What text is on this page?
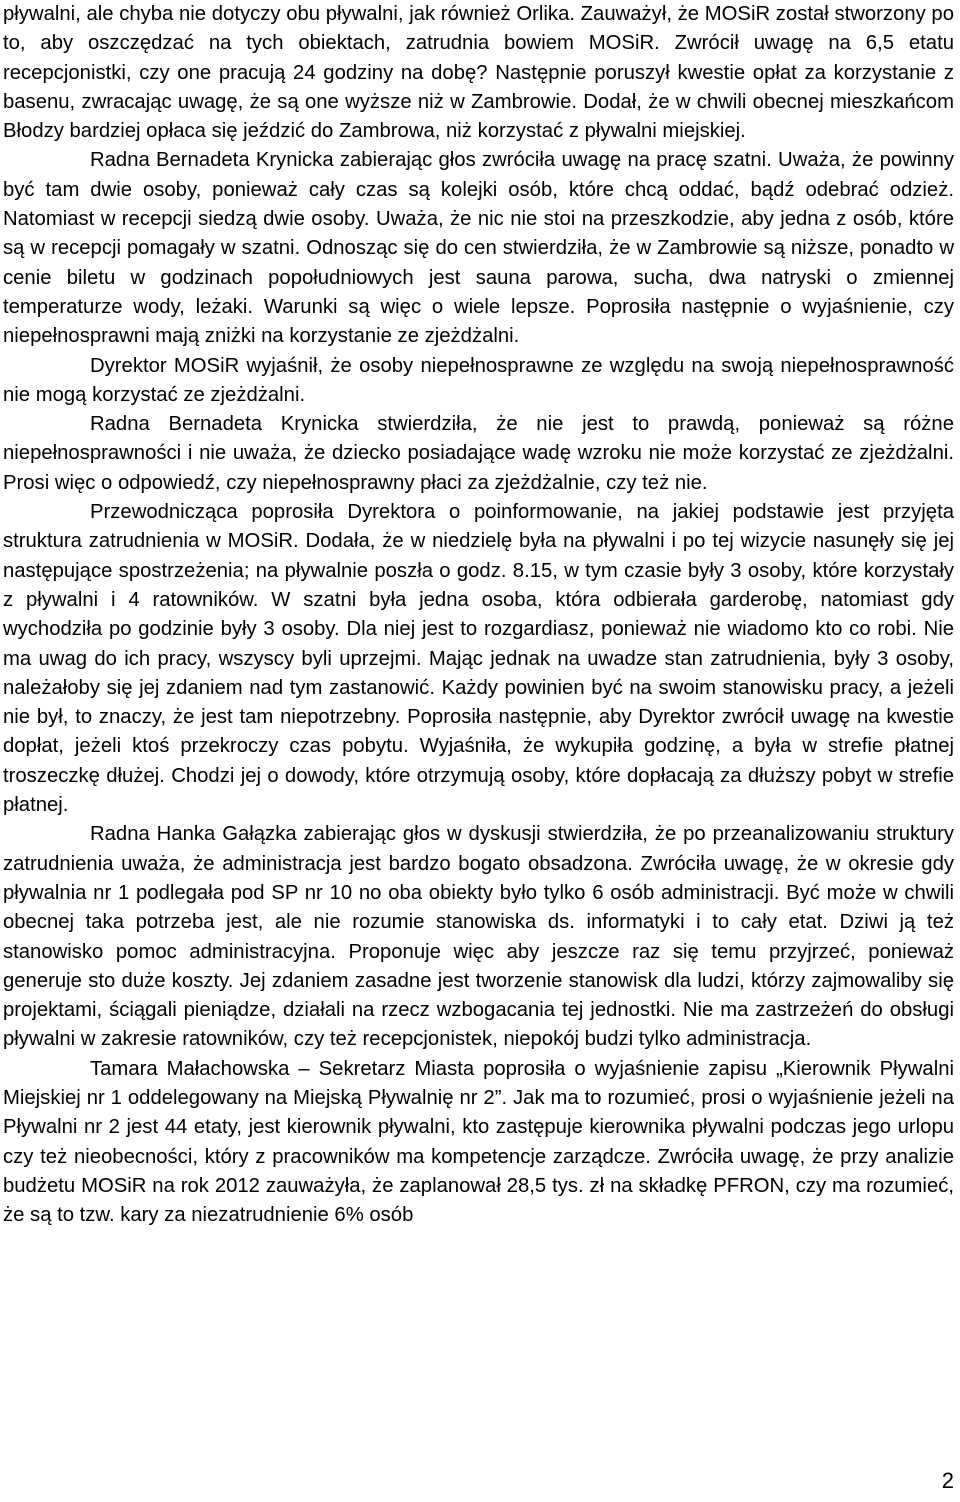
pływalni, ale chyba nie dotyczy obu pływalni, jak również Orlika. Zauważył, że MOSiR został stworzony po to, aby oszczędzać na tych obiektach, zatrudnia bowiem MOSiR. Zwrócił uwagę na 6,5 etatu recepcjonistki, czy one pracują 24 godziny na dobę? Następnie poruszył kwestie opłat za korzystanie z basenu, zwracając uwagę, że są one wyższe niż w Zambrowie. Dodał, że w chwili obecnej mieszkańcom Błodzy bardziej opłaca się jeździć do Zambrowa, niż korzystać z pływalni miejskiej.

Radna Bernadeta Krynicka zabierając głos zwróciła uwagę na pracę szatni. Uważa, że powinny być tam dwie osoby, ponieważ cały czas są kolejki osób, które chcą oddać, bądź odebrać odzież. Natomiast w recepcji siedzą dwie osoby. Uważa, że nic nie stoi na przeszkodzie, aby jedna z osób, które są w recepcji pomagały w szatni. Odnosząc się do cen stwierdziła, że w Zambrowie są niższe, ponadto w cenie biletu w godzinach popołudniowych jest sauna parowa, sucha, dwa natryski o zmiennej temperaturze wody, leżaki. Warunki są więc o wiele lepsze. Poprosiła następnie o wyjaśnienie, czy niepełnosprawni mają zniżki na korzystanie ze zjeżdżalni.

Dyrektor MOSiR wyjaśnił, że osoby niepełnosprawne ze względu na swoją niepełnosprawność nie mogą korzystać ze zjeżdżalni.

Radna Bernadeta Krynicka stwierdziła, że nie jest to prawdą, ponieważ są różne niepełnosprawności i nie uważa, że dziecko posiadające wadę wzroku nie może korzystać ze zjeżdżalni. Prosi więc o odpowiedź, czy niepełnosprawny płaci za zjeżdżalnie, czy też nie.

Przewodnicząca poprosiła Dyrektora o poinformowanie, na jakiej podstawie jest przyjęta struktura zatrudnienia w MOSiR. Dodała, że w niedzielę była na pływalni i po tej wizycie nasunęły się jej następujące spostrzeżenia; na pływalnie poszła o godz. 8.15, w tym czasie były 3 osoby, które korzystały z pływalni i 4 ratowników. W szatni była jedna osoba, która odbierała garderobę, natomiast gdy wychodziła po godzinie były 3 osoby. Dla niej jest to rozgardiasz, ponieważ nie wiadomo kto co robi. Nie ma uwag do ich pracy, wszyscy byli uprzejmi. Mając jednak na uwadze stan zatrudnienia, były 3 osoby, należałoby się jej zdaniem nad tym zastanowić. Każdy powinien być na swoim stanowisku pracy, a jeżeli nie był, to znaczy, że jest tam niepotrzebny. Poprosiła następnie, aby Dyrektor zwrócił uwagę na kwestie dopłat, jeżeli ktoś przekroczy czas pobytu. Wyjaśniła, że wykupiła godzinę, a była w strefie płatnej troszeczkę dłużej. Chodzi jej o dowody, które otrzymują osoby, które dopłacają za dłuższy pobyt w strefie płatnej.

Radna Hanka Gałązka zabierając głos w dyskusji stwierdziła, że po przeanalizowaniu struktury zatrudnienia uważa, że administracja jest bardzo bogato obsadzona. Zwróciła uwagę, że w okresie gdy pływalnia nr 1 podlegała pod SP nr 10 no oba obiekty było tylko 6 osób administracji. Być może w chwili obecnej taka potrzeba jest, ale nie rozumie stanowiska ds. informatyki i to cały etat. Dziwi ją też stanowisko pomoc administracyjna. Proponuje więc aby jeszcze raz się temu przyjrzeć, ponieważ generuje sto duże koszty. Jej zdaniem zasadne jest tworzenie stanowisk dla ludzi, którzy zajmowaliby się projektami, ściągali pieniądze, działali na rzecz wzbogacania tej jednostki. Nie ma zastrzeżeń do obsługi pływalni w zakresie ratowników, czy też recepcjonistek, niepokój budzi tylko administracja.

Tamara Małachowska – Sekretarz Miasta poprosiła o wyjaśnienie zapisu „Kierownik Pływalni Miejskiej nr 1 oddelegowany na Miejską Pływalnię nr 2”. Jak ma to rozumieć, prosi o wyjaśnienie jeżeli na Pływalni nr 2 jest 44 etaty, jest kierownik pływalni, kto zastępuje kierownika pływalni podczas jego urlopu czy też nieobecności, który z pracowników ma kompetencje zarządcze. Zwróciła uwagę, że przy analizie budżetu MOSiR na rok 2012 zauważyła, że zaplanował 28,5 tys. zł na składkę PFRON, czy ma rozumieć, że są to tzw. kary za niezatrudnienie 6% osób

2
